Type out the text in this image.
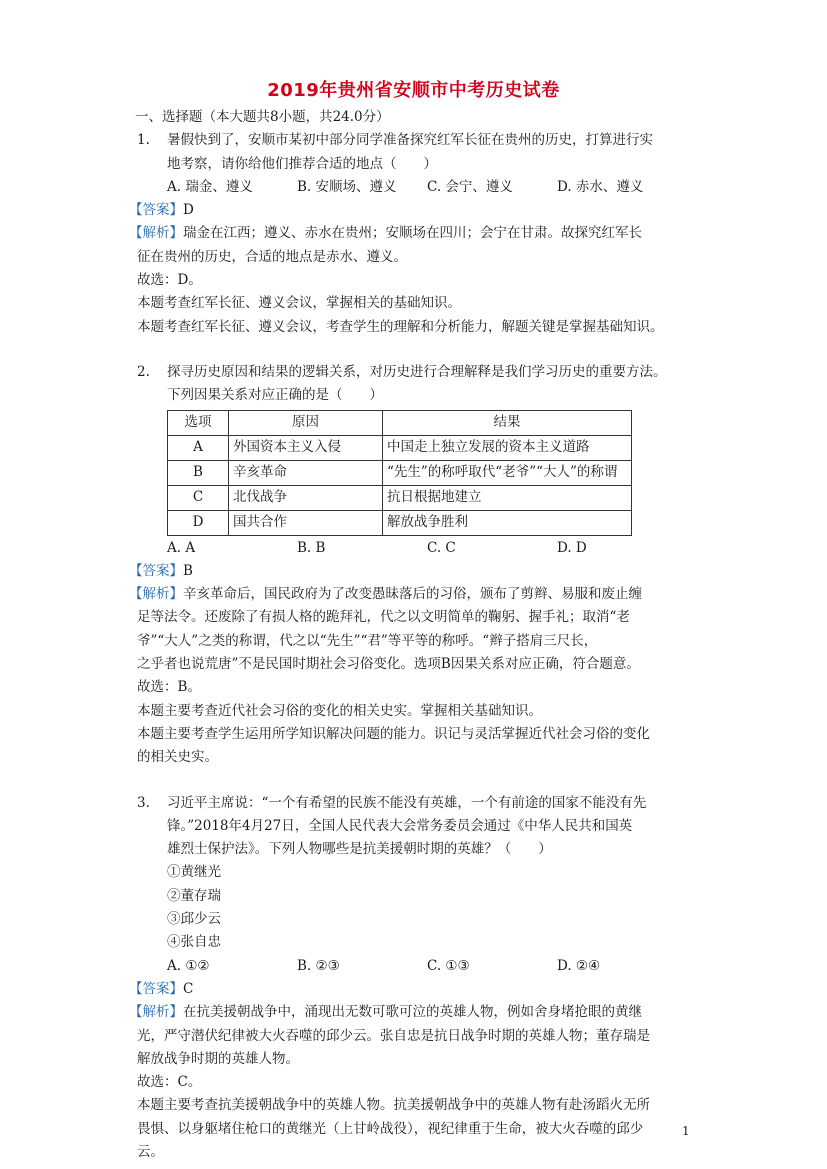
2019年贵州省安顺市中考历史试卷
一、选择题（本大题共8小题，共24.0分）
1. 暑假快到了，安顺市某初中部分同学准备探究红军长征在贵州的历史，打算进行实
地考察，请你给他们推荐合适的地点（　　）
A. 瑞金、遵义	B. 安顺场、遵义	C. 会宁、遵义	D. 赤水、遵义
【答案】D
【解析】瑞金在江西；遵义、赤水在贵州；安顺场在四川；会宁在甘肃。故探究红军长
征在贵州的历史，合适的地点是赤水、遵义。
故选：D。
本题考查红军长征、遵义会议，掌握相关的基础知识。
本题考查红军长征、遵义会议，考查学生的理解和分析能力，解题关键是掌握基础知识。
2. 探寻历史原因和结果的逻辑关系，对历史进行合理解释是我们学习历史的重要方法。
下列因果关系对应正确的是（　　）
选项	原因	结果
A	外国资本主义入侵	中国走上独立发展的资本主义道路
B	辛亥革命	“先生”的称呼取代“老爷”“大人”的称谓
C	北伐战争	抗日根据地建立
D	国共合作	解放战争胜利
A. A	B. B	C. C	D. D
【答案】B
【解析】辛亥革命后，国民政府为了改变愚昧落后的习俗，颁布了剪辫、易服和废止缠
足等法令。还废除了有损人格的跪拜礼，代之以文明简单的鞠躬、握手礼；取消“老
爷”“大人”之类的称谓，代之以“先生”“君”等平等的称呼。“辫子搭肩三尺长，
之乎者也说荒唐”不是民国时期社会习俗变化。选项B因果关系对应正确，符合题意。
故选：B。
本题主要考查近代社会习俗的变化的相关史实。掌握相关基础知识。
本题主要考查学生运用所学知识解决问题的能力。识记与灵活掌握近代社会习俗的变化
的相关史实。
3. 习近平主席说：“一个有希望的民族不能没有英雄，一个有前途的国家不能没有先
锋。”2018年4月27日，全国人民代表大会常务委员会通过《中华人民共和国英
雄烈士保护法》。下列人物哪些是抗美援朝时期的英雄？（　　）
①黄继光
②董存瑞
③邱少云
④张自忠
A. ①②	B. ②③	C. ①③	D. ②④
【答案】C
【解析】在抗美援朝战争中，涌现出无数可歌可泣的英雄人物，例如舍身堵抢眼的黄继
光，严守潜伏纪律被大火吞噬的邱少云。张自忠是抗日战争时期的英雄人物；董存瑞是
解放战争时期的英雄人物。
故选：C。
本题主要考查抗美援朝战争中的英雄人物。抗美援朝战争中的英雄人物有赴汤蹈火无所
畏惧、以身躯堵住枪口的黄继光（上甘岭战役），视纪律重于生命，被大火吞噬的邱少
云。
1
